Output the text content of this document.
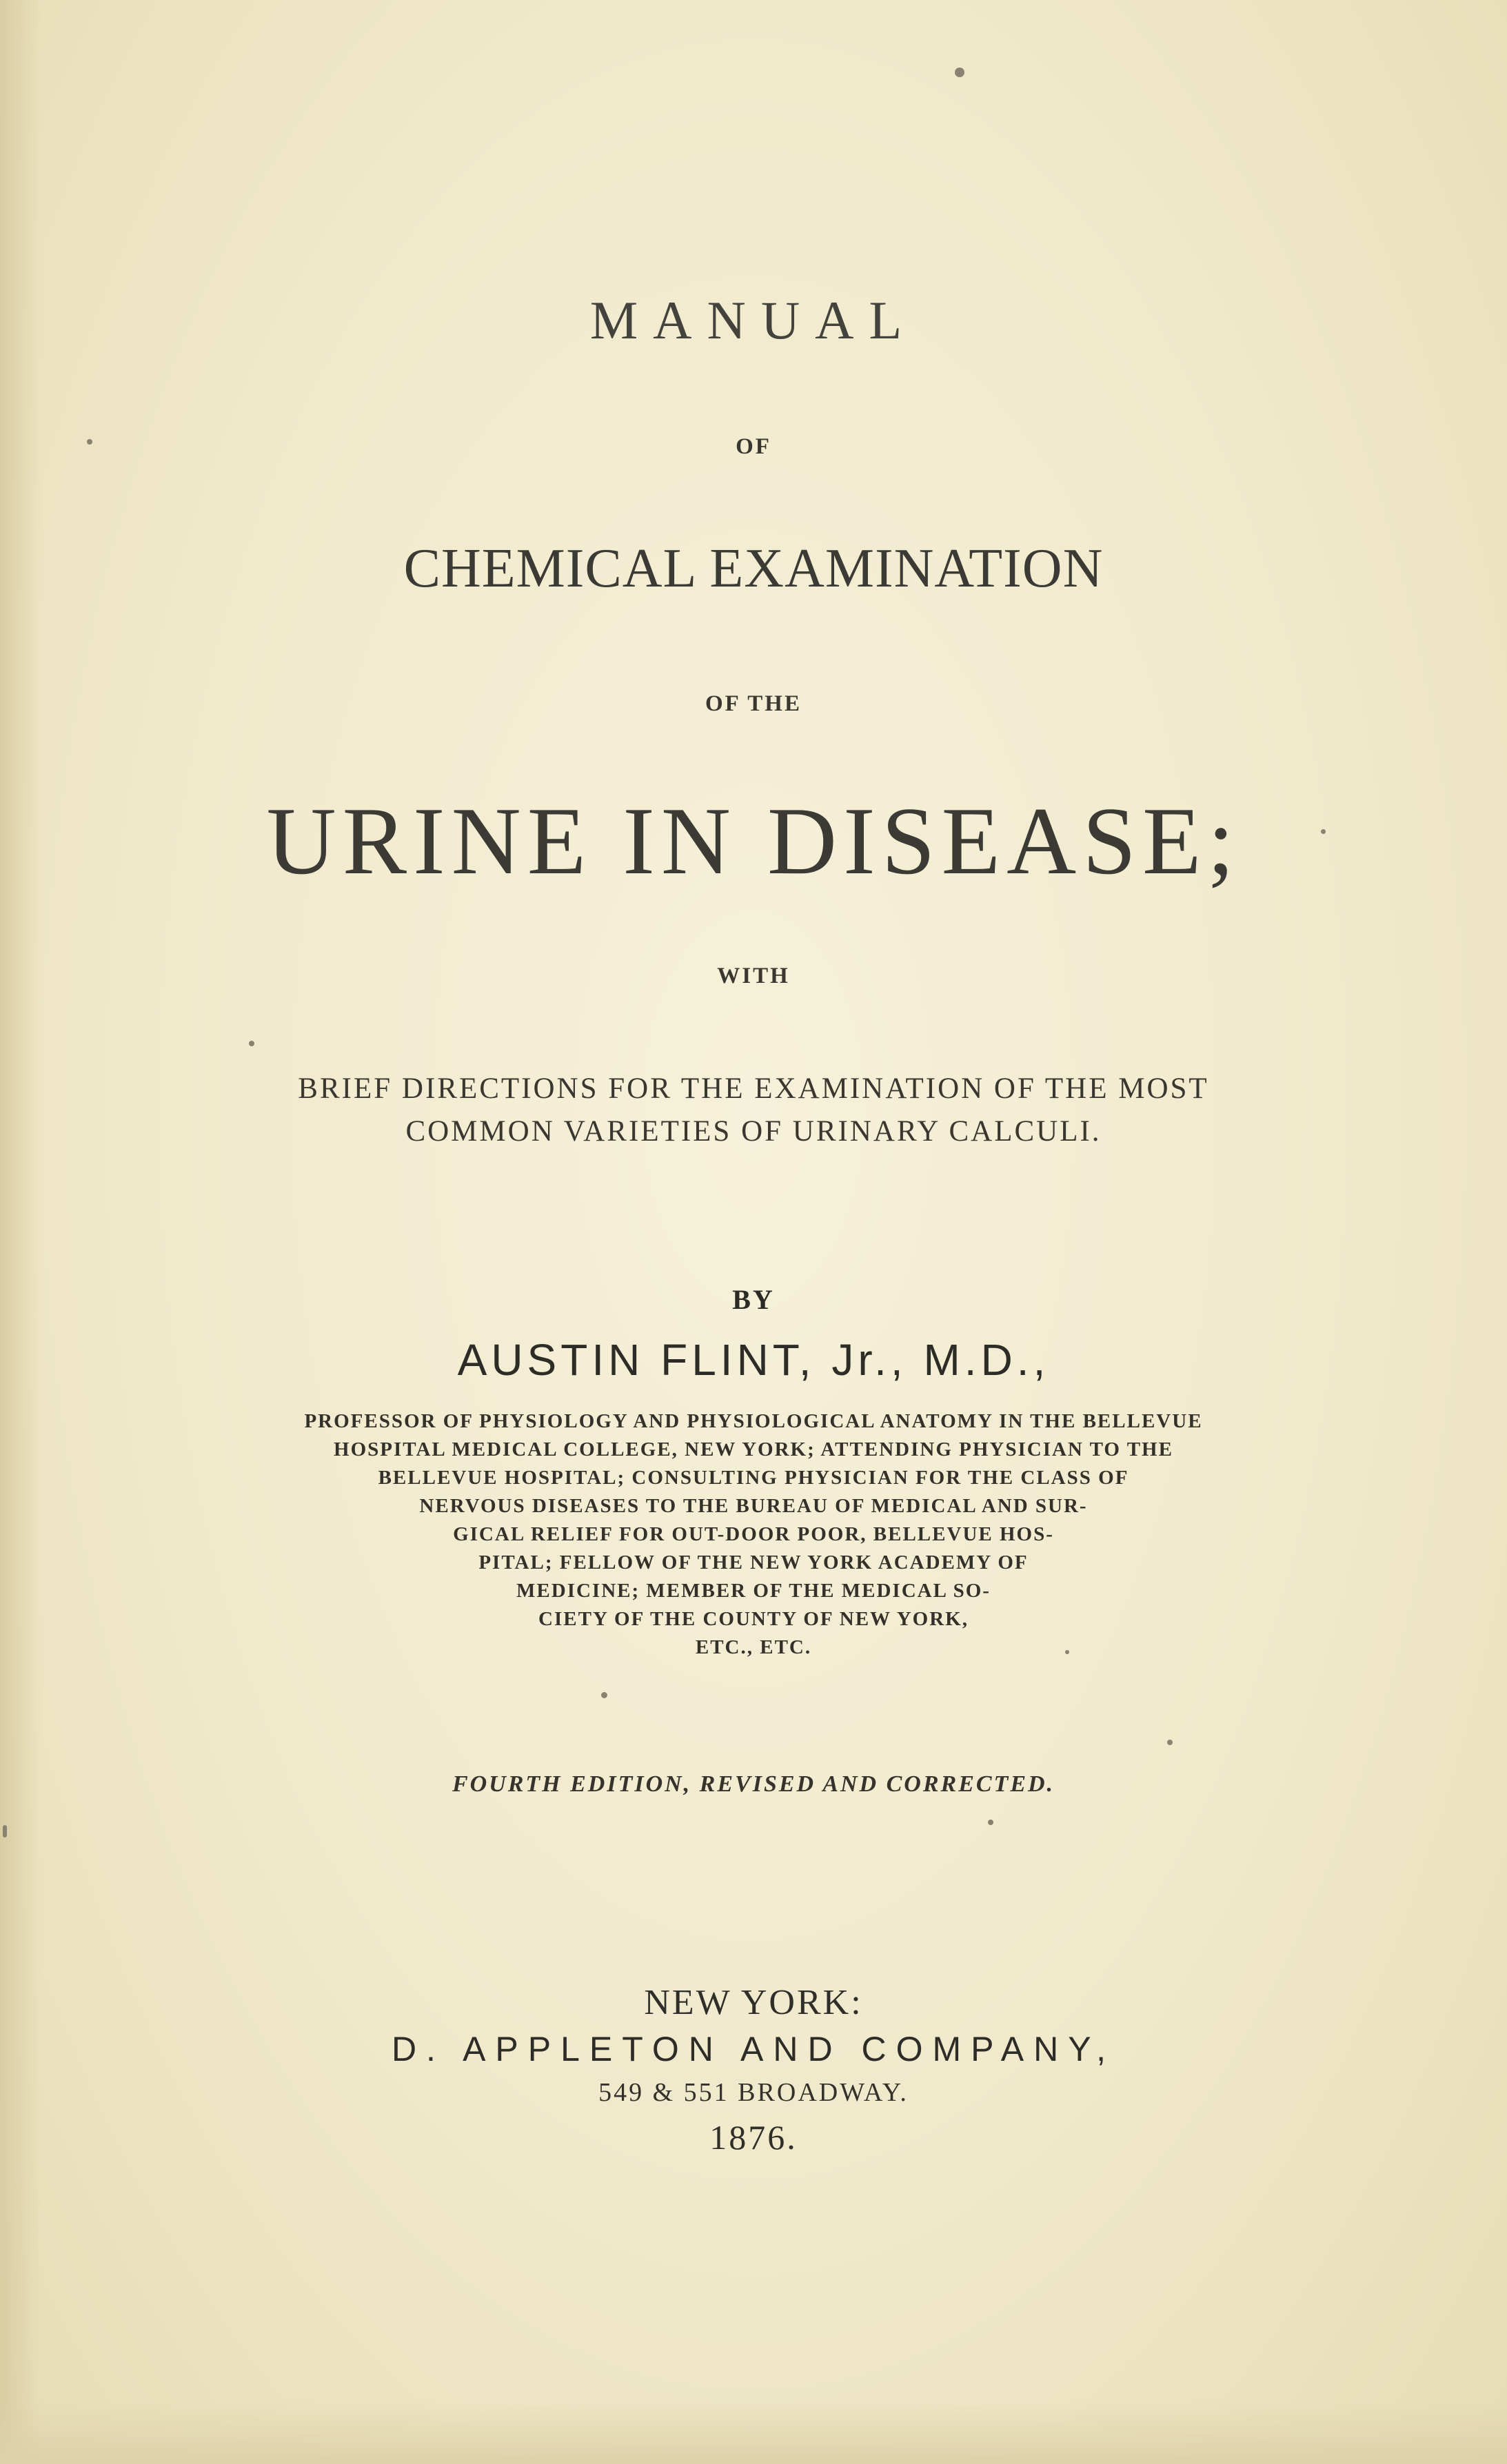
MANUAL

OF

CHEMICAL EXAMINATION

OF THE

URINE IN DISEASE;

WITH

BRIEF DIRECTIONS FOR THE EXAMINATION OF THE MOST

COMMON VARIETIES OF URINARY CALCULI.

BY

AUSTIN FLINT, Jr., M.D.,

PROFESSOR OF PHYSIOLOGY AND PHYSIOLOGICAL ANATOMY IN THE BELLEVUE

HOSPITAL MEDICAL COLLEGE, NEW YORK; ATTENDING PHYSICIAN TO THE

BELLEVUE HOSPITAL; CONSULTING PHYSICIAN FOR THE CLASS OF

NERVOUS DISEASES TO THE BUREAU OF MEDICAL AND SUR-

GICAL RELIEF FOR OUT-DOOR POOR, BELLEVUE HOS-

PITAL; FELLOW OF THE NEW YORK ACADEMY OF

MEDICINE; MEMBER OF THE MEDICAL SO-

CIETY OF THE COUNTY OF NEW YORK,

ETC., ETC.

FOURTH EDITION, REVISED AND CORRECTED.

NEW YORK:

D. APPLETON AND COMPANY,

549 & 551 BROADWAY.

1876.
